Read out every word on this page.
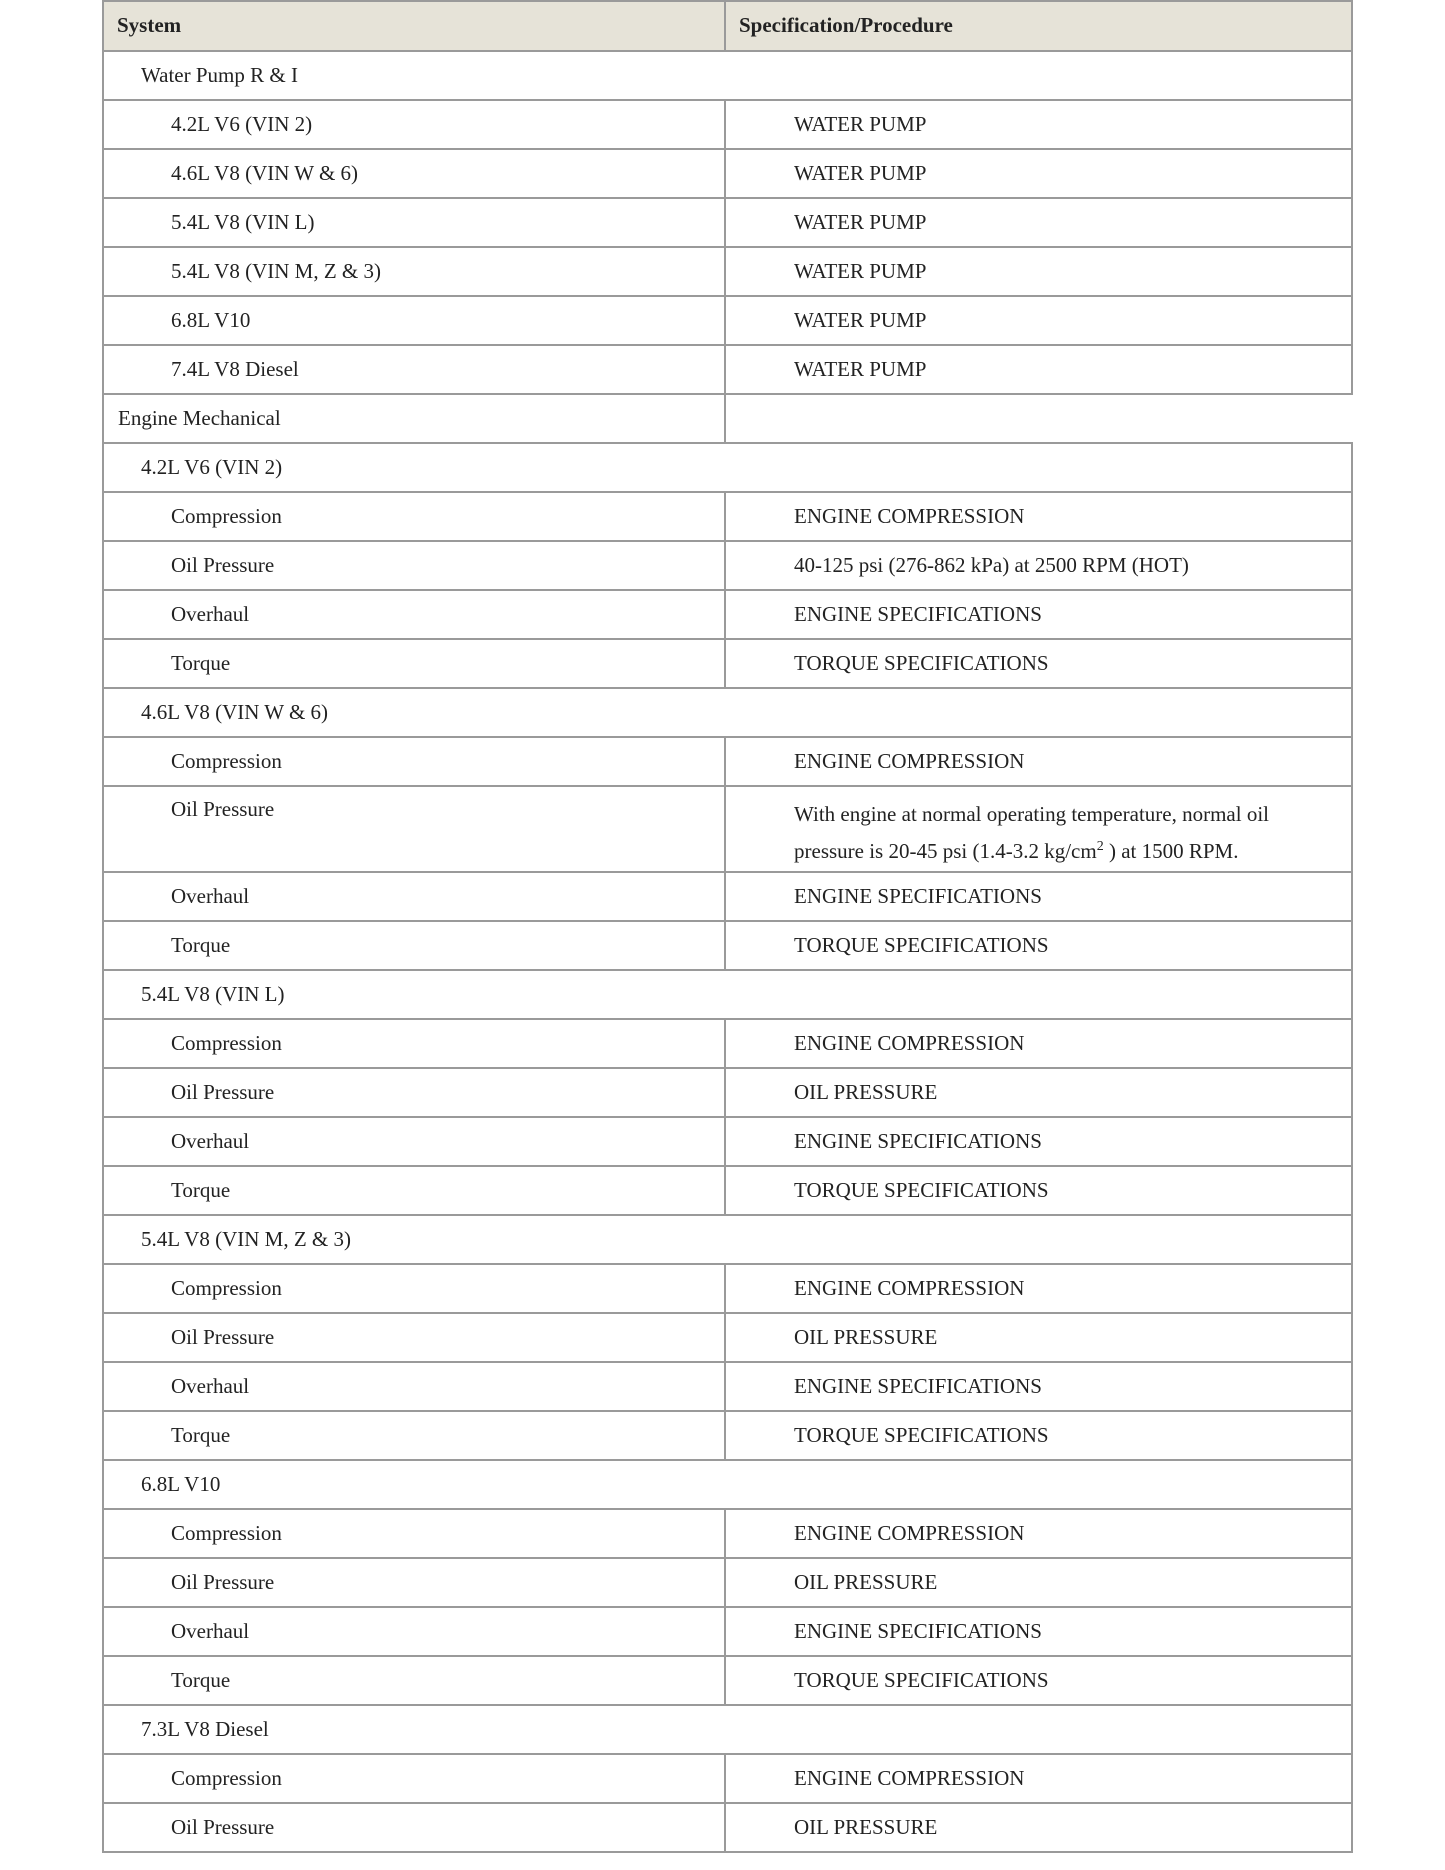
System	Specification/Procedure
Water Pump R & I	

4.2L V6 (VIN 2)	WATER PUMP

4.6L V8 (VIN W & 6)	WATER PUMP

5.4L V8 (VIN L)	WATER PUMP

5.4L V8 (VIN M, Z & 3)	WATER PUMP

6.8L V10	WATER PUMP

7.4L V8 Diesel	WATER PUMP

Engine Mechanical	
4.2L V6 (VIN 2)	

Compression	ENGINE COMPRESSION

Oil Pressure	40-125 psi (276-862 kPa) at 2500 RPM (HOT)

Overhaul	ENGINE SPECIFICATIONS

Torque	TORQUE SPECIFICATIONS

4.6L V8 (VIN W & 6)	

Compression	ENGINE COMPRESSION

Oil Pressure	With engine at normal operating temperature, normal oil pressure is 20-45 psi (1.4-3.2 $kg/cm^2$ ) at 1500 RPM.

Overhaul	ENGINE SPECIFICATIONS

Torque	TORQUE SPECIFICATIONS

5.4L V8 (VIN L)	

Compression	ENGINE COMPRESSION

Oil Pressure	OIL PRESSURE

Overhaul	ENGINE SPECIFICATIONS

Torque	TORQUE SPECIFICATIONS

5.4L V8 (VIN M, Z & 3)	

Compression	ENGINE COMPRESSION

Oil Pressure	OIL PRESSURE

Overhaul	ENGINE SPECIFICATIONS

Torque	TORQUE SPECIFICATIONS

6.8L V10	

Compression	ENGINE COMPRESSION

Oil Pressure	OIL PRESSURE

Overhaul	ENGINE SPECIFICATIONS

Torque	TORQUE SPECIFICATIONS

7.3L V8 Diesel	

Compression	ENGINE COMPRESSION

Oil Pressure	OIL PRESSURE
